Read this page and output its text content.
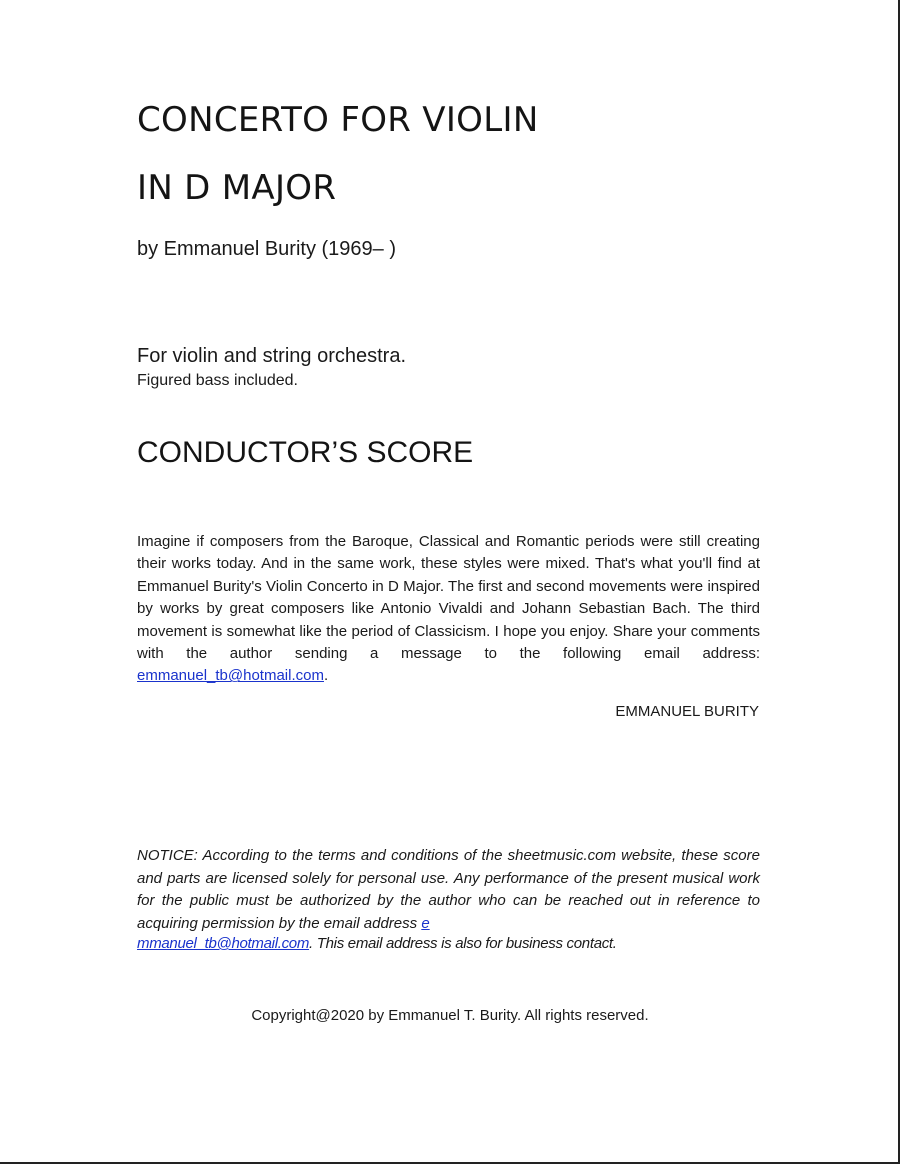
CONCERTO FOR VIOLIN
IN D MAJOR
by Emmanuel Burity (1969– )
For violin and string orchestra.
Figured bass included.
CONDUCTOR’S SCORE
Imagine if composers from the Baroque, Classical and Romantic periods were still creating their works today. And in the same work, these styles were mixed. That's what you'll find at Emmanuel Burity's Violin Concerto in D Major. The first and second movements were inspired by works by great composers like Antonio Vivaldi and Johann Sebastian Bach. The third movement is somewhat like the period of Classicism. I hope you enjoy. Share your comments with the author sending a message to the following email address: emmanuel_tb@hotmail.com.
EMMANUEL BURITY
NOTICE: According to the terms and conditions of the sheetmusic.com website, these score and parts are licensed solely for personal use. Any performance of the present musical work for the public must be authorized by the author who can be reached out in reference to acquiring permission by the email address e
mmanuel_tb@hotmail.com. This email address is also for business contact.
Copyright@2020 by Emmanuel T. Burity. All rights reserved.
